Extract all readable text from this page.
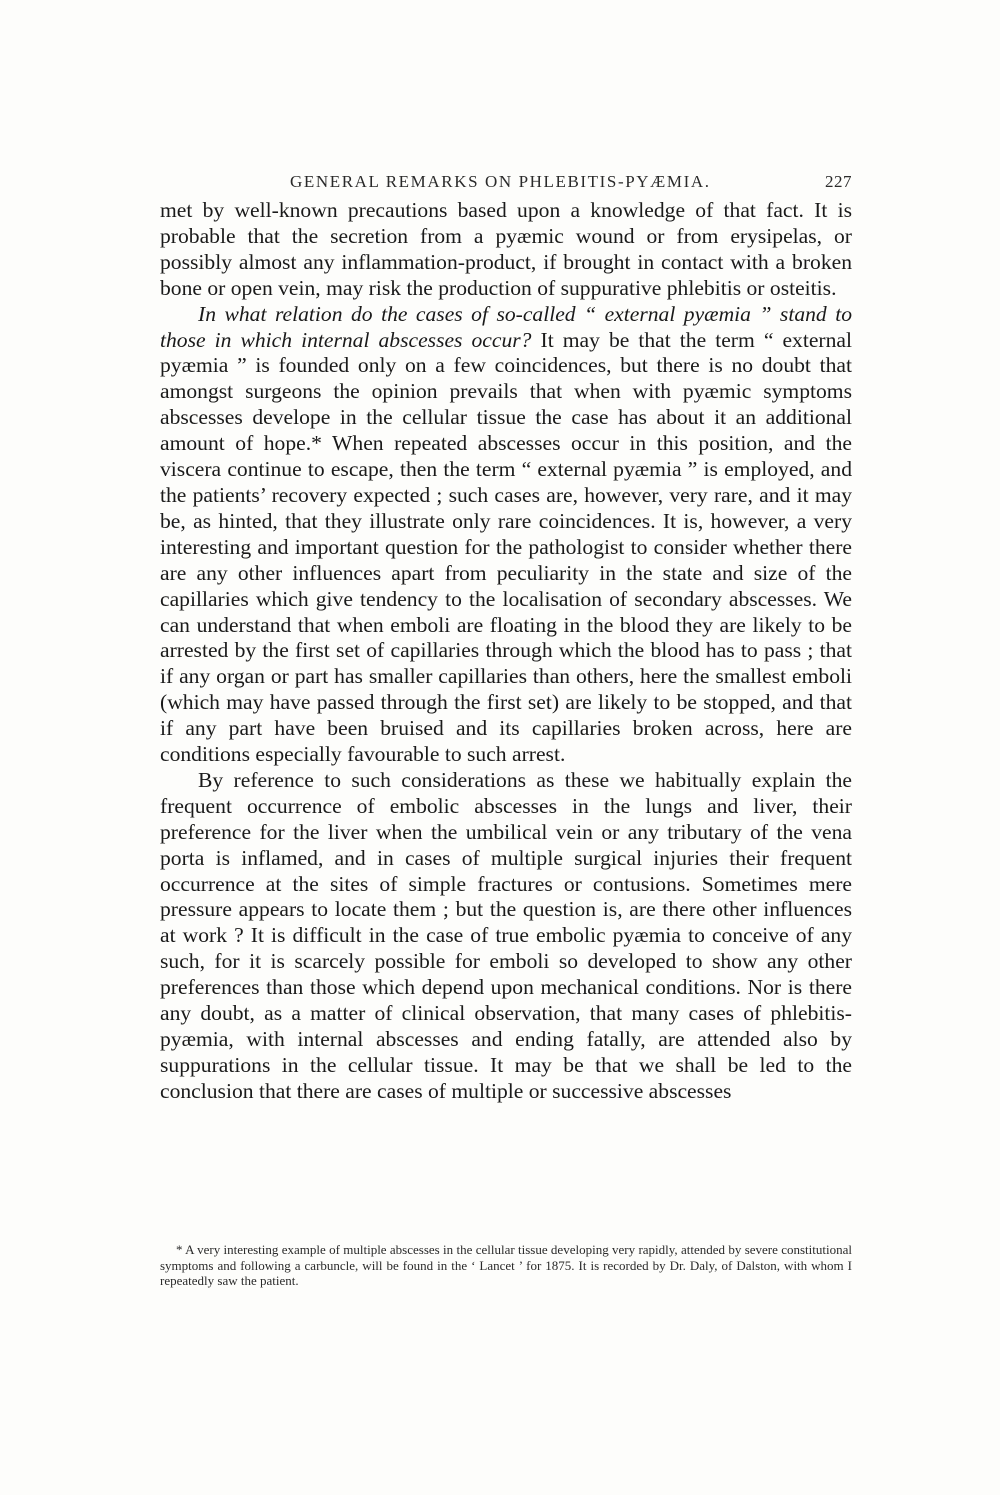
GENERAL REMARKS ON PHLEBITIS-PYÆMIA.	227

met by well-known precautions based upon a knowledge of that fact. It is probable that the secretion from a pyæmic wound or from erysipelas, or possibly almost any inflammation-product, if brought in contact with a broken bone or open vein, may risk the production of suppurative phlebitis or osteitis.

In what relation do the cases of so-called “ external pyæmia ” stand to those in which internal abscesses occur? It may be that the term “ external pyæmia ” is founded only on a few coincidences, but there is no doubt that amongst surgeons the opinion prevails that when with pyæmic symptoms abscesses develope in the cellular tissue the case has about it an additional amount of hope.* When repeated abscesses occur in this position, and the viscera continue to escape, then the term “ external pyæmia ” is employed, and the patients’ recovery expected ; such cases are, however, very rare, and it may be, as hinted, that they illustrate only rare coincidences. It is, however, a very interesting and important question for the pathologist to consider whether there are any other influences apart from peculiarity in the state and size of the capillaries which give tendency to the localisation of secondary abscesses. We can understand that when emboli are floating in the blood they are likely to be arrested by the first set of capillaries through which the blood has to pass ; that if any organ or part has smaller capillaries than others, here the smallest emboli (which may have passed through the first set) are likely to be stopped, and that if any part have been bruised and its capillaries broken across, here are conditions especially favourable to such arrest.

By reference to such considerations as these we habitually explain the frequent occurrence of embolic abscesses in the lungs and liver, their preference for the liver when the umbilical vein or any tributary of the vena porta is inflamed, and in cases of multiple surgical injuries their frequent occurrence at the sites of simple fractures or contusions. Sometimes mere pressure appears to locate them ; but the question is, are there other influences at work ? It is difficult in the case of true embolic pyæmia to conceive of any such, for it is scarcely possible for emboli so developed to show any other preferences than those which depend upon mechanical conditions. Nor is there any doubt, as a matter of clinical observation, that many cases of phlebitis-pyæmia, with internal abscesses and ending fatally, are attended also by suppurations in the cellular tissue. It may be that we shall be led to the conclusion that there are cases of multiple or successive abscesses

* A very interesting example of multiple abscesses in the cellular tissue developing very rapidly, attended by severe constitutional symptoms and following a carbuncle, will be found in the ‘ Lancet ’ for 1875. It is recorded by Dr. Daly, of Dalston, with whom I repeatedly saw the patient.
